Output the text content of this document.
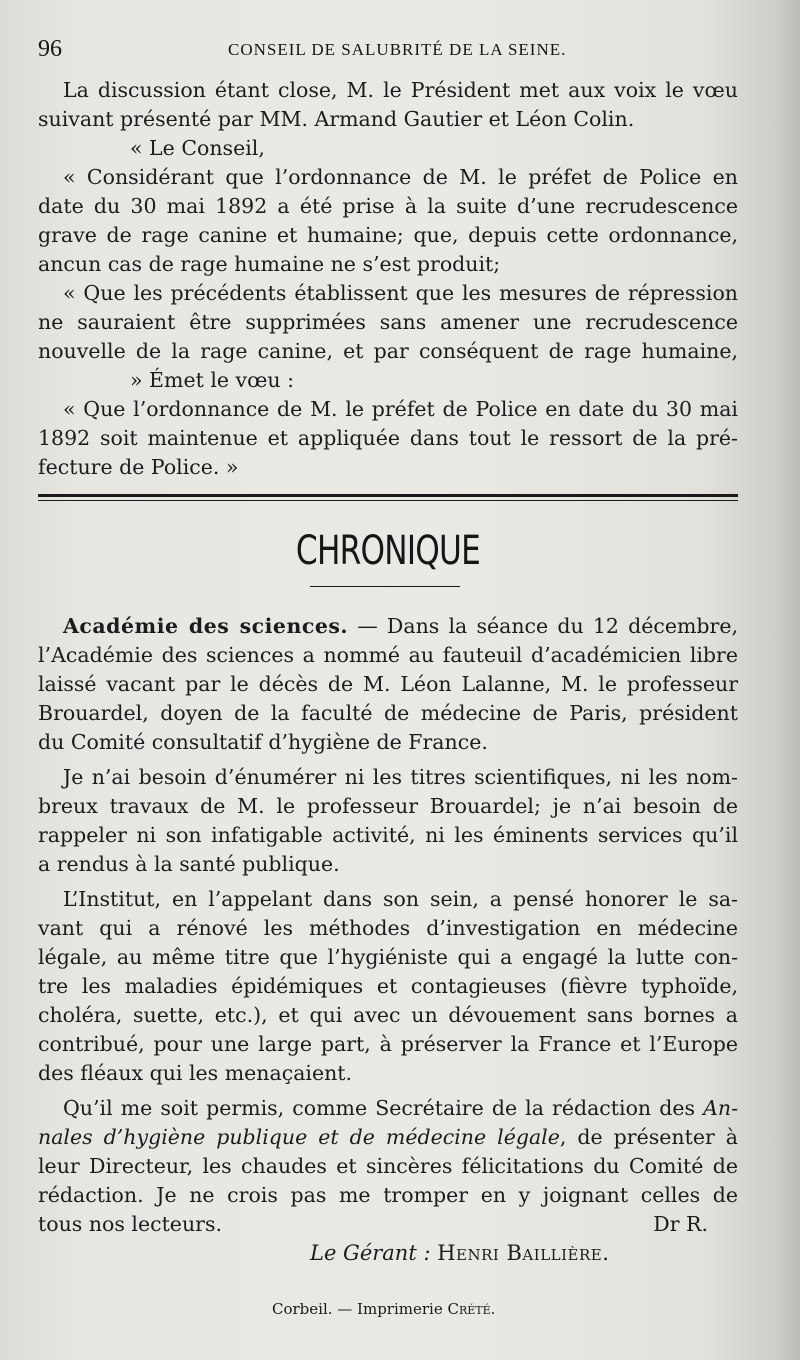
96	CONSEIL DE SALUBRITÉ DE LA SEINE.

La discussion étant close, M. le Président met aux voix le vœu

suivant présenté par MM. Armand Gautier et Léon Colin.

« Le Conseil,

« Considérant que l’ordonnance de M. le préfet de Police en

date du 30 mai 1892 a été prise à la suite d’une recrudescence

grave de rage canine et humaine; que, depuis cette ordonnance,

ancun cas de rage humaine ne s’est produit;

« Que les précédents établissent que les mesures de répression

ne sauraient être supprimées sans amener une recrudescence

nouvelle de la rage canine, et par conséquent de rage humaine,

» Émet le vœu :

« Que l’ordonnance de M. le préfet de Police en date du 30 mai

1892 soit maintenue et appliquée dans tout le ressort de la pré-

fecture de Police. »

CHRONIQUE

Académie des sciences. — Dans la séance du 12 décembre,

l’Académie des sciences a nommé au fauteuil d’académicien libre

laissé vacant par le décès de M. Léon Lalanne, M. le professeur

Brouardel, doyen de la faculté de médecine de Paris, président

du Comité consultatif d’hygiène de France.

Je n’ai besoin d’énumérer ni les titres scientifiques, ni les nom-

breux travaux de M. le professeur Brouardel; je n’ai besoin de

rappeler ni son infatigable activité, ni les éminents services qu’il

a rendus à la santé publique.

L’Institut, en l’appelant dans son sein, a pensé honorer le sa-

vant qui a rénové les méthodes d’investigation en médecine

légale, au même titre que l’hygiéniste qui a engagé la lutte con-

tre les maladies épidémiques et contagieuses (fièvre typhoïde,

choléra, suette, etc.), et qui avec un dévouement sans bornes a

contribué, pour une large part, à préserver la France et l’Europe

des fléaux qui les menaçaient.

Qu’il me soit permis, comme Secrétaire de la rédaction des An-

nales d’hygiène publique et de médecine légale, de présenter à

leur Directeur, les chaudes et sincères félicitations du Comité de

rédaction. Je ne crois pas me tromper en y joignant celles de

tous nos lecteurs.	Dr R.
Le Gérant : Henri Baillière.
Corbeil. — Imprimerie Crété.
